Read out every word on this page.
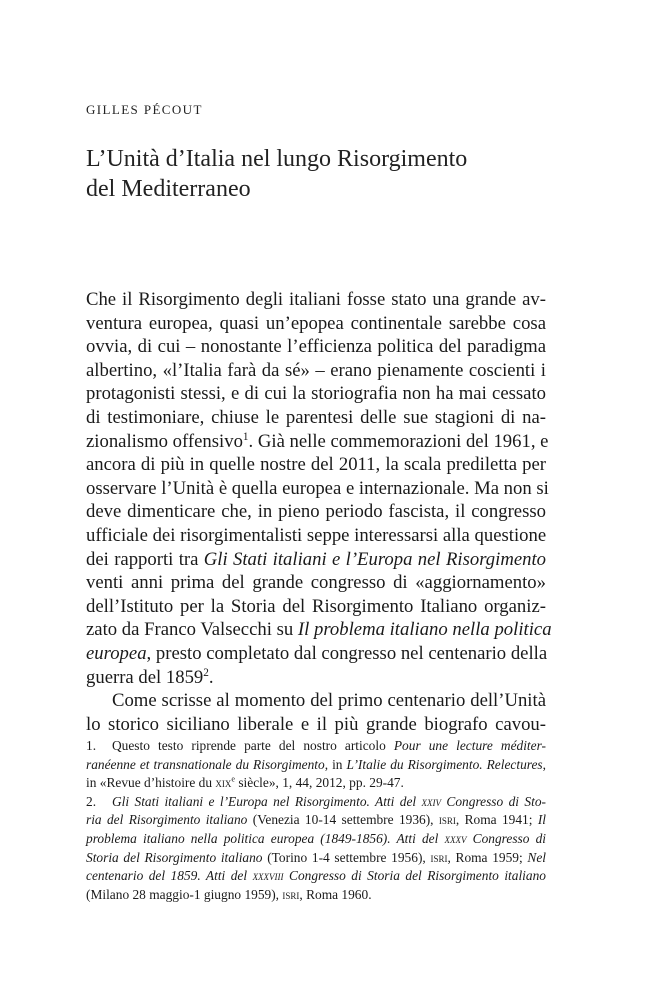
GILLES PÉCOUT
L’Unità d’Italia nel lungo Risorgimento
del Mediterraneo
Che il Risorgimento degli italiani fosse stato una grande av-
ventura europea, quasi un’epopea continentale sarebbe cosa
ovvia, di cui – nonostante l’efficienza politica del paradigma
albertino, «l’Italia farà da sé» – erano pienamente coscienti i
protagonisti stessi, e di cui la storiografia non ha mai cessato
di testimoniare, chiuse le parentesi delle sue stagioni di na-
zionalismo offensivo$^1$. Già nelle commemorazioni del 1961, e
ancora di più in quelle nostre del 2011, la scala prediletta per
osservare l’Unità è quella europea e internazionale. Ma non si
deve dimenticare che, in pieno periodo fascista, il congresso
ufficiale dei risorgimentalisti seppe interessarsi alla questione
dei rapporti tra Gli Stati italiani e l’Europa nel Risorgimento
venti anni prima del grande congresso di «aggiornamento»
dell’Istituto per la Storia del Risorgimento Italiano organiz-
zato da Franco Valsecchi su Il problema italiano nella politica
europea, presto completato dal congresso nel centenario della
guerra del 1859$^2$.
Come scrisse al momento del primo centenario dell’Unità
lo storico siciliano liberale e il più grande biografo cavou-
1. Questo testo riprende parte del nostro articolo Pour une lecture méditer-
ranéenne et transnationale du Risorgimento, in L’Italie du Risorgimento. Relectures,
in «Revue d’histoire du xix$^e$ siècle», 1, 44, 2012, pp. 29-47.
2. Gli Stati italiani e l’Europa nel Risorgimento. Atti del xxiv Congresso di Sto-
ria del Risorgimento italiano (Venezia 10-14 settembre 1936), isri, Roma 1941; Il
problema italiano nella politica europea (1849-1856). Atti del xxxv Congresso di
Storia del Risorgimento italiano (Torino 1-4 settembre 1956), isri, Roma 1959; Nel
centenario del 1859. Atti del xxxviii Congresso di Storia del Risorgimento italiano
(Milano 28 maggio-1 giugno 1959), isri, Roma 1960.
